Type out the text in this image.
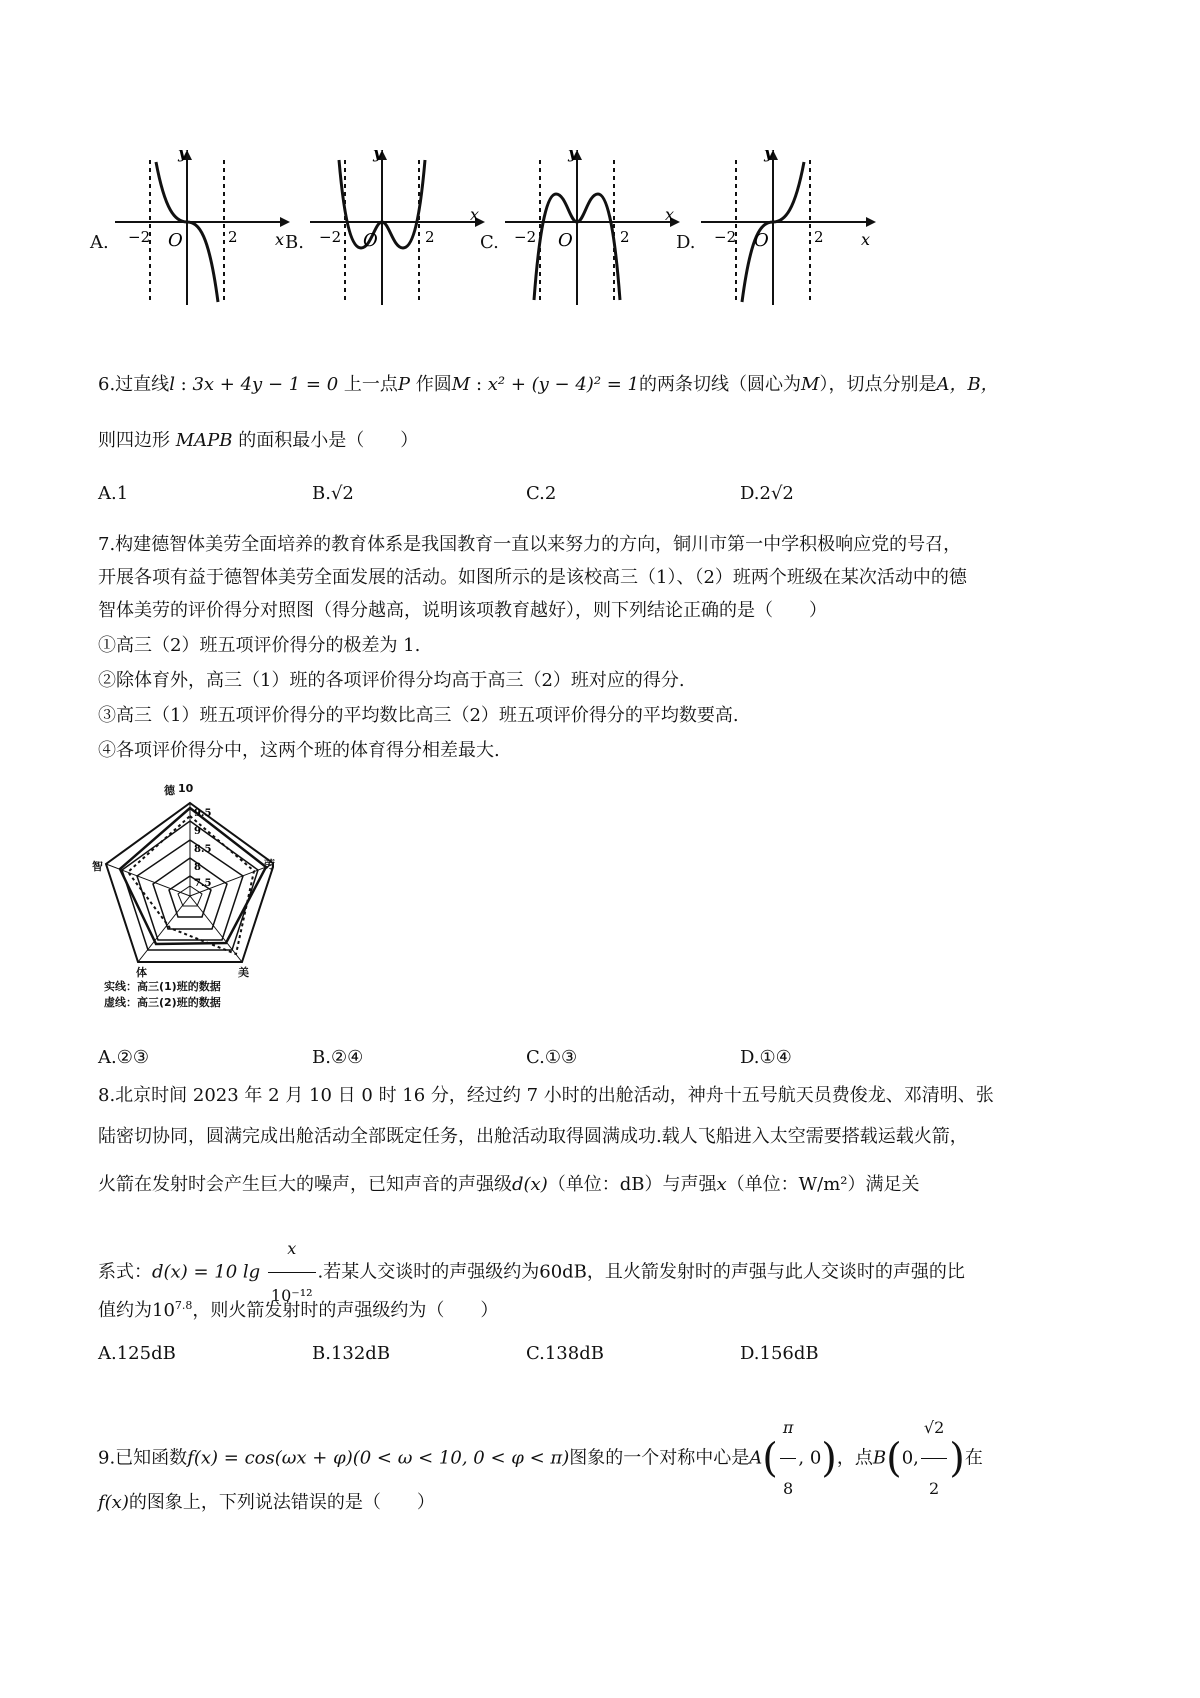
A.
y
x
O
−2	2	B.
y
x
O
−2	2	C.
y
x
O
−2	2	D.
y
x
O
−2	2
6.过直线l : 3x + 4y − 1 = 0 上一点P 作圆M : x² + (y − 4)² = 1的两条切线（圆心为M），切点分别是A，B，
则四边形 MAPB 的面积最小是（　　）
A.1	B.√2	C.2	D.2√2
7.构建德智体美劳全面培养的教育体系是我国教育一直以来努力的方向，铜川市第一中学积极响应党的号召，
开展各项有益于德智体美劳全面发展的活动。如图所示的是该校高三（1）、（2）班两个班级在某次活动中的德
智体美劳的评价得分对照图（得分越高，说明该项教育越好），则下列结论正确的是（　　）
①高三（2）班五项评价得分的极差为 1.
②除体育外，高三（1）班的各项评价得分均高于高三（2）班对应的得分.
③高三（1）班五项评价得分的平均数比高三（2）班五项评价得分的平均数要高.
④各项评价得分中，这两个班的体育得分相差最大.
9.5
9
8.5
8
7.5
德 10
智	劳
体	美
实线：高三(1)班的数据
虚线：高三(2)班的数据
A.②③	B.②④	C.①③	D.①④
8.北京时间 2023 年 2 月 10 日 0 时 16 分，经过约 7 小时的出舱活动，神舟十五号航天员费俊龙、邓清明、张
陆密切协同，圆满完成出舱活动全部既定任务，出舱活动取得圆满成功.载人飞船进入太空需要搭载运载火箭，
火箭在发射时会产生巨大的噪声，已知声音的声强级d(x)（单位：dB）与声强x（单位：W/m²）满足关
系式：d(x) = 10 $\lg \frac{x}{\text{10⁻¹²}}$ .若某人交谈时的声强级约为60dB，且火箭发射时的声强与此人交谈时的声强的比
值约为$10^{7.8}$，则火箭发射时的声强级约为（　　）
A.125dB	B.132dB	C.138dB	D.156dB
9.已知函数f(x) = cos(ωx + φ)(0 < ω < 10, 0 < φ < π)图象的一个对称中心是$A( \frac{\pi}{8}$ , 0)，点B(0, $\frac{√2}{2}$ )在
f(x)的图象上，下列说法错误的是（　　）
